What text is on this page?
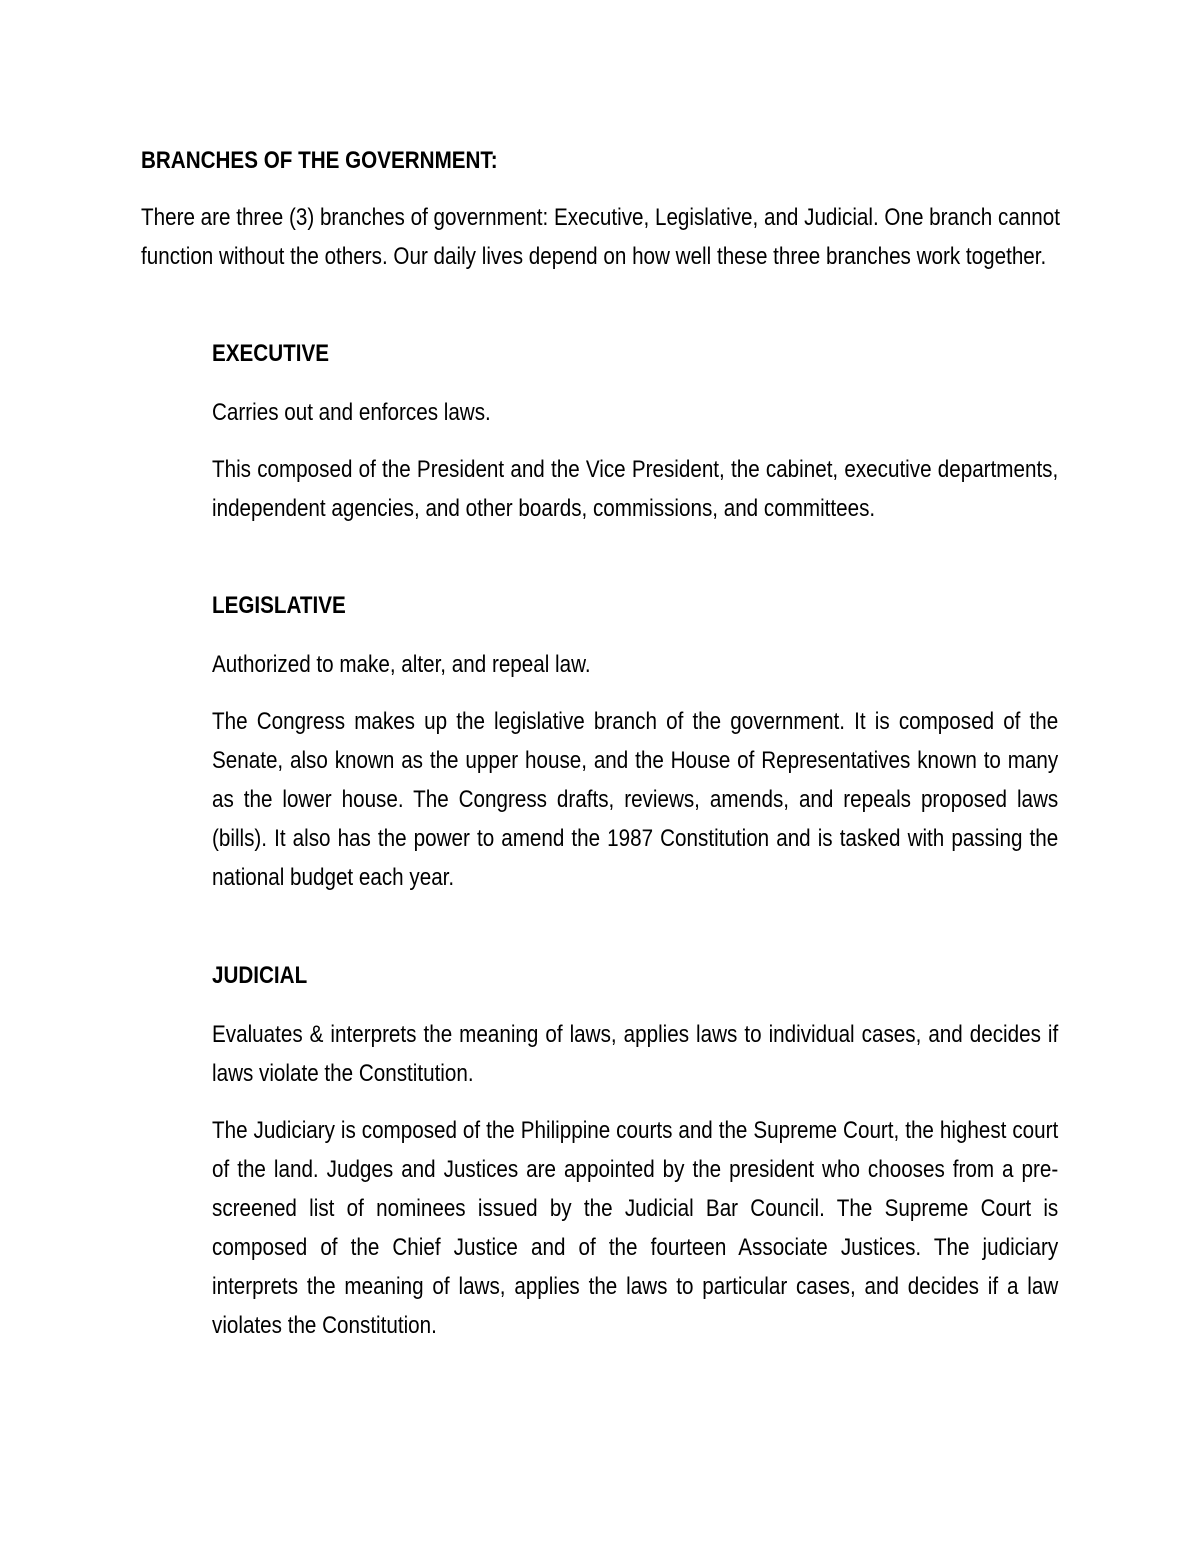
BRANCHES OF THE GOVERNMENT:

There are three (3) branches of government: Executive, Legislative, and Judicial. One branch cannot function without the others. Our daily lives depend on how well these three branches work together.

EXECUTIVE

Carries out and enforces laws.

This composed of the President and the Vice President, the cabinet, executive departments, independent agencies, and other boards, commissions, and committees.

LEGISLATIVE

Authorized to make, alter, and repeal law.

The Congress makes up the legislative branch of the government. It is composed of the Senate, also known as the upper house, and the House of Representatives known to many as the lower house. The Congress drafts, reviews, amends, and repeals proposed laws (bills). It also has the power to amend the 1987 Constitution and is tasked with passing the national budget each year.

JUDICIAL

Evaluates & interprets the meaning of laws, applies laws to individual cases, and decides if laws violate the Constitution.

The Judiciary is composed of the Philippine courts and the Supreme Court, the highest court of the land. Judges and Justices are appointed by the president who chooses from a pre-screened list of nominees issued by the Judicial Bar Council. The Supreme Court is composed of the Chief Justice and of the fourteen Associate Justices. The judiciary interprets the meaning of laws, applies the laws to particular cases, and decides if a law violates the Constitution.
